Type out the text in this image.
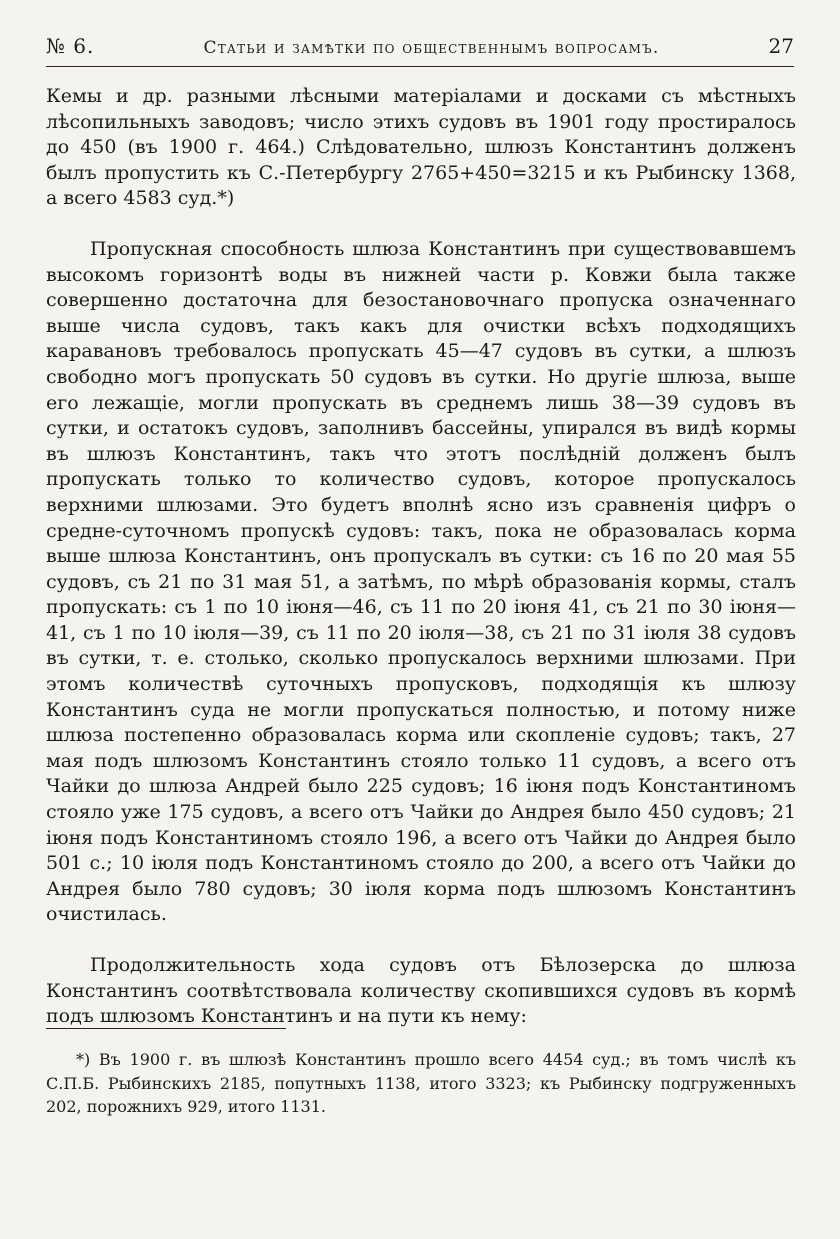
№ 6.	Статьи и замѣтки по общественнымъ вопросамъ.	27

Кемы и др. разными лѣсными матеріалами и досками съ мѣстныхъ лѣсопильныхъ заводовъ; число этихъ судовъ въ 1901 году простиралось до 450 (въ 1900 г. 464.) Слѣдовательно, шлюзъ Константинъ долженъ былъ пропустить къ С.-Петербургу 2765+450=3215 и къ Рыбинску 1368, а всего 4583 суд.*)

Пропускная способность шлюза Константинъ при существовавшемъ высокомъ горизонтѣ воды въ нижней части р. Ковжи была также совершенно достаточна для безостановочнаго пропуска означеннаго выше числа судовъ, такъ какъ для очистки всѣхъ подходящихъ каравановъ требовалось пропускать 45—47 судовъ въ сутки, а шлюзъ свободно могъ пропускать 50 судовъ въ сутки. Но другіе шлюза, выше его лежащіе, могли пропускать въ среднемъ лишь 38—39 судовъ въ сутки, и остатокъ судовъ, заполнивъ бассейны, упирался въ видѣ кормы въ шлюзъ Константинъ, такъ что этотъ послѣдній долженъ былъ пропускать только то количество судовъ, которое пропускалось верхними шлюзами. Это будетъ вполнѣ ясно изъ сравненія цифръ о средне-суточномъ пропускѣ судовъ: такъ, пока не образовалась корма выше шлюза Константинъ, онъ пропускалъ въ сутки: съ 16 по 20 мая 55 судовъ, съ 21 по 31 мая 51, а затѣмъ, по мѣрѣ образованія кормы, сталъ пропускать: съ 1 по 10 іюня—46, съ 11 по 20 іюня 41, съ 21 по 30 іюня—41, съ 1 по 10 іюля—39, съ 11 по 20 іюля—38, съ 21 по 31 іюля 38 судовъ въ сутки, т. е. столько, сколько пропускалось верхними шлюзами. При этомъ количествѣ суточныхъ пропусковъ, подходящія къ шлюзу Константинъ суда не могли пропускаться полностью, и потому ниже шлюза постепенно образовалась корма или скопленіе судовъ; такъ, 27 мая подъ шлюзомъ Константинъ стояло только 11 судовъ, а всего отъ Чайки до шлюза Андрей было 225 судовъ; 16 іюня подъ Константиномъ стояло уже 175 судовъ, а всего отъ Чайки до Андрея было 450 судовъ; 21 іюня подъ Константиномъ стояло 196, а всего отъ Чайки до Андрея было 501 с.; 10 іюля подъ Константиномъ стояло до 200, а всего отъ Чайки до Андрея было 780 судовъ; 30 іюля корма подъ шлюзомъ Константинъ очистилась.

Продолжительность хода судовъ отъ Бѣлозерска до шлюза Константинъ соотвѣтствовала количеству скопившихся судовъ въ кормѣ подъ шлюзомъ Константинъ и на пути къ нему:

*) Въ 1900 г. въ шлюзѣ Константинъ прошло всего 4454 суд.; въ томъ числѣ къ С.П.Б. Рыбинскихъ 2185, попутныхъ 1138, итого 3323; къ Рыбинску подгруженныхъ 202, порожнихъ 929, итого 1131.
